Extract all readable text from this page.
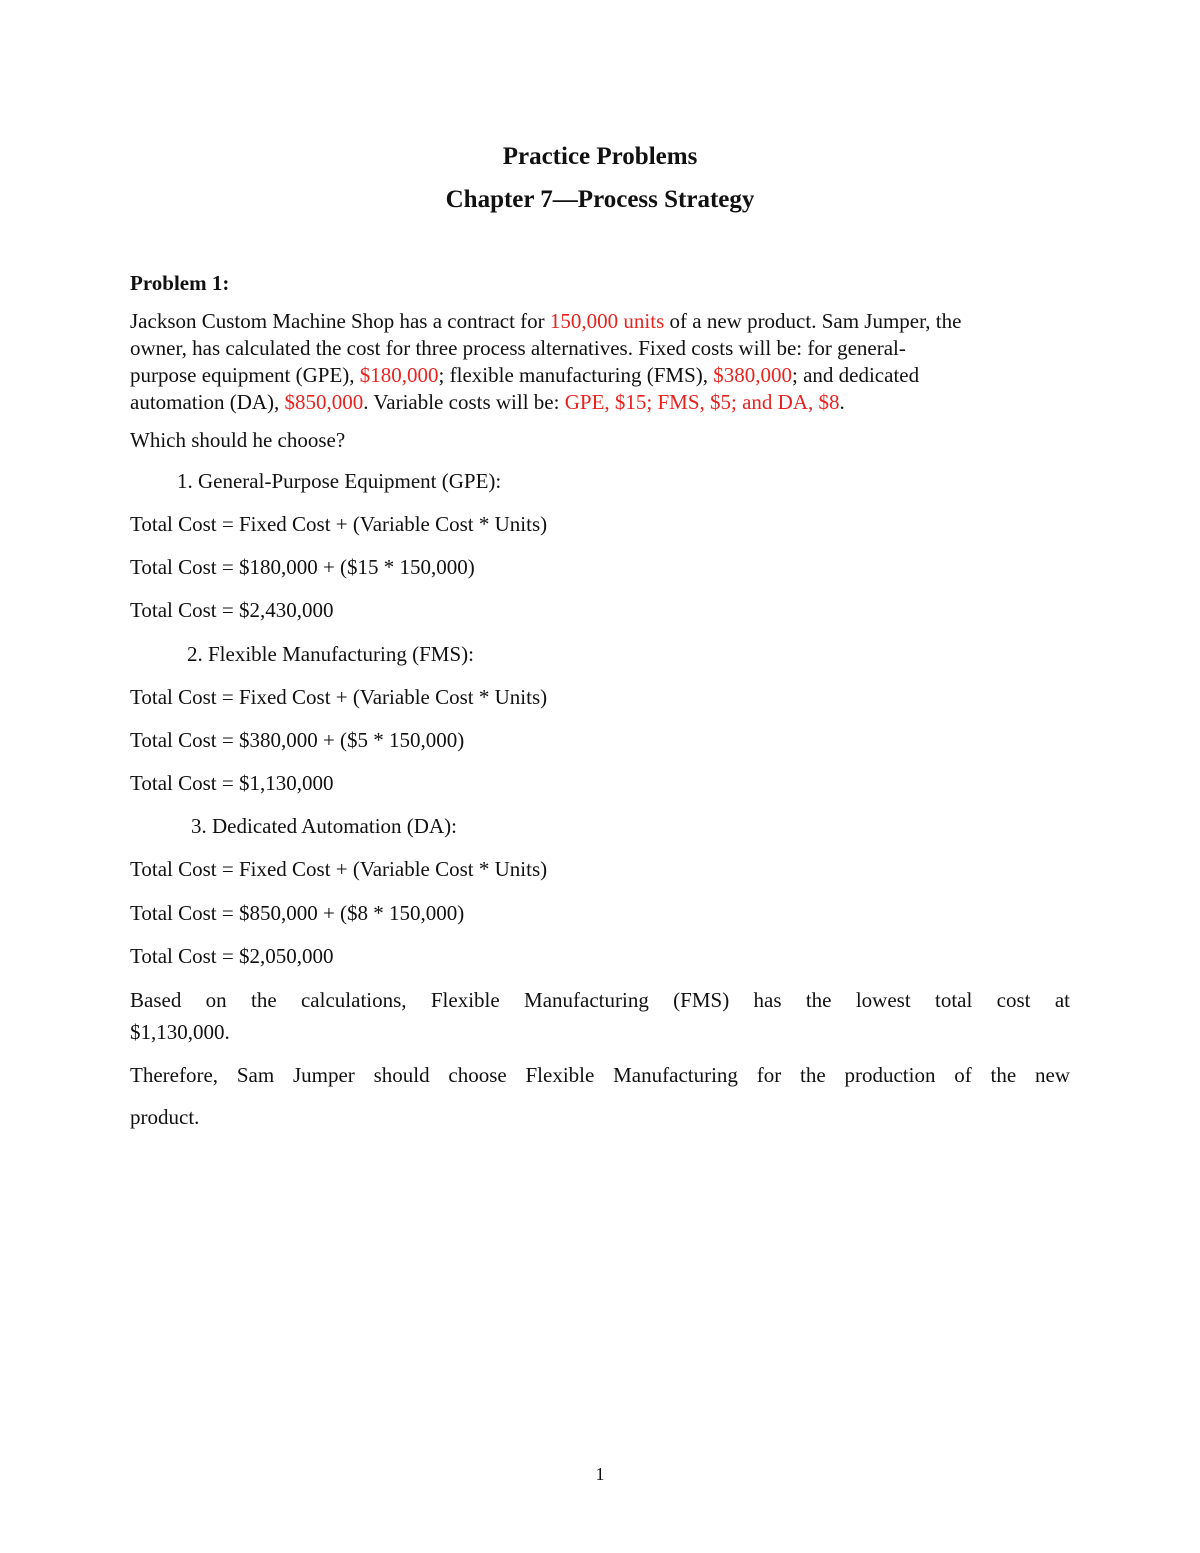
Practice Problems
Chapter 7—Process Strategy
Problem 1:
Jackson Custom Machine Shop has a contract for 150,000 units of a new product. Sam Jumper, the
owner, has calculated the cost for three process alternatives. Fixed costs will be: for general-
purpose equipment (GPE), $180,000; flexible manufacturing (FMS), $380,000; and dedicated
automation (DA), $850,000. Variable costs will be: GPE, $15; FMS, $5; and DA, $8.
Which should he choose?
1. General-Purpose Equipment (GPE):
Total Cost = Fixed Cost + (Variable Cost * Units)
Total Cost = $180,000 + ($15 * 150,000)
Total Cost = $2,430,000
2. Flexible Manufacturing (FMS):
Total Cost = Fixed Cost + (Variable Cost * Units)
Total Cost = $380,000 + ($5 * 150,000)
Total Cost = $1,130,000
3. Dedicated Automation (DA):
Total Cost = Fixed Cost + (Variable Cost * Units)
Total Cost = $850,000 + ($8 * 150,000)
Total Cost = $2,050,000
Based on the calculations, Flexible Manufacturing (FMS) has the lowest total cost at
$1,130,000.
Therefore, Sam Jumper should choose Flexible Manufacturing for the production of the new
product.
1
